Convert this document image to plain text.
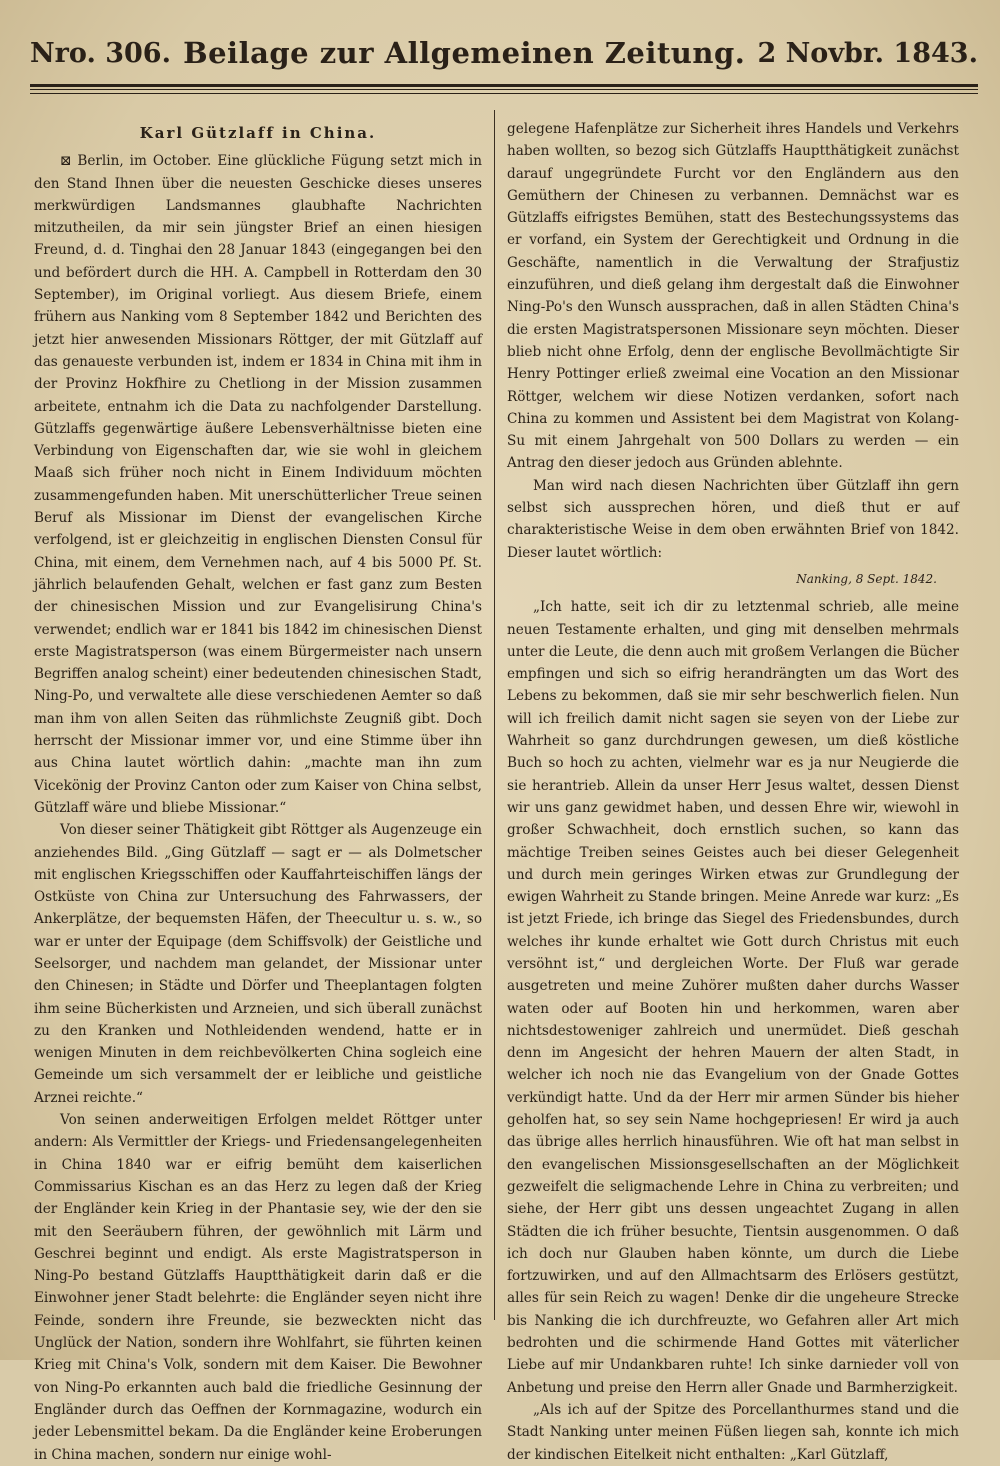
Nro. 306. Beilage zur Allgemeinen Zeitung. 2 Novbr. 1843.

Karl Gützlaff in China.

⊠ Berlin, im October. Eine glückliche Fügung setzt mich in den Stand Ihnen über die neuesten Geschicke dieses unseres merkwürdigen Landsmannes glaubhafte Nachrichten mitzutheilen, da mir sein jüngster Brief an einen hiesigen Freund, d. d. Tinghai den 28 Januar 1843 (eingegangen bei den und befördert durch die HH. A. Campbell in Rotterdam den 30 September), im Original vorliegt. Aus diesem Briefe, einem frühern aus Nanking vom 8 September 1842 und Berichten des jetzt hier anwesenden Missionars Röttger, der mit Gützlaff auf das genaueste verbunden ist, indem er 1834 in China mit ihm in der Provinz Hokfhire zu Chetliong in der Mission zusammen arbeitete, entnahm ich die Data zu nachfolgender Darstellung. Gützlaffs gegenwärtige äußere Lebensverhältnisse bieten eine Verbindung von Eigenschaften dar, wie sie wohl in gleichem Maaß sich früher noch nicht in Einem Individuum möchten zusammengefunden haben. Mit unerschütterlicher Treue seinen Beruf als Missionar im Dienst der evangelischen Kirche verfolgend, ist er gleichzeitig in englischen Diensten Consul für China, mit einem, dem Vernehmen nach, auf 4 bis 5000 Pf. St. jährlich belaufenden Gehalt, welchen er fast ganz zum Besten der chinesischen Mission und zur Evangelisirung China's verwendet; endlich war er 1841 bis 1842 im chinesischen Dienst erste Magistratsperson (was einem Bürgermeister nach unsern Begriffen analog scheint) einer bedeutenden chinesischen Stadt, Ning-Po, und verwaltete alle diese verschiedenen Aemter so daß man ihm von allen Seiten das rühmlichste Zeugniß gibt. Doch herrscht der Missionar immer vor, und eine Stimme über ihn aus China lautet wörtlich dahin: „machte man ihn zum Vicekönig der Provinz Canton oder zum Kaiser von China selbst, Gützlaff wäre und bliebe Missionar.“

Von dieser seiner Thätigkeit gibt Röttger als Augenzeuge ein anziehendes Bild. „Ging Gützlaff — sagt er — als Dolmetscher mit englischen Kriegsschiffen oder Kauffahrteischiffen längs der Ostküste von China zur Untersuchung des Fahrwassers, der Ankerplätze, der bequemsten Häfen, der Theecultur u. s. w., so war er unter der Equipage (dem Schiffsvolk) der Geistliche und Seelsorger, und nachdem man gelandet, der Missionar unter den Chinesen; in Städte und Dörfer und Theeplantagen folgten ihm seine Bücherkisten und Arzneien, und sich überall zunächst zu den Kranken und Nothleidenden wendend, hatte er in wenigen Minuten in dem reichbevölkerten China sogleich eine Gemeinde um sich versammelt der er leibliche und geistliche Arznei reichte.“

Von seinen anderweitigen Erfolgen meldet Röttger unter andern: Als Vermittler der Kriegs- und Friedensangelegenheiten in China 1840 war er eifrig bemüht dem kaiserlichen Commissarius Kischan es an das Herz zu legen daß der Krieg der Engländer kein Krieg in der Phantasie sey, wie der den sie mit den Seeräubern führen, der gewöhnlich mit Lärm und Geschrei beginnt und endigt. Als erste Magistratsperson in Ning-Po bestand Gützlaffs Hauptthätigkeit darin daß er die Einwohner jener Stadt belehrte: die Engländer seyen nicht ihre Feinde, sondern ihre Freunde, sie bezweckten nicht das Unglück der Nation, sondern ihre Wohlfahrt, sie führten keinen Krieg mit China's Volk, sondern mit dem Kaiser. Die Bewohner von Ning-Po erkannten auch bald die friedliche Gesinnung der Engländer durch das Oeffnen der Kornmagazine, wodurch ein jeder Lebensmittel bekam. Da die Engländer keine Eroberungen in China machen, sondern nur einige wohl-

gelegene Hafenplätze zur Sicherheit ihres Handels und Verkehrs haben wollten, so bezog sich Gützlaffs Hauptthätigkeit zunächst darauf ungegründete Furcht vor den Engländern aus den Gemüthern der Chinesen zu verbannen. Demnächst war es Gützlaffs eifrigstes Bemühen, statt des Bestechungssystems das er vorfand, ein System der Gerechtigkeit und Ordnung in die Geschäfte, namentlich in die Verwaltung der Strafjustiz einzuführen, und dieß gelang ihm dergestalt daß die Einwohner Ning-Po's den Wunsch aussprachen, daß in allen Städten China's die ersten Magistratspersonen Missionare seyn möchten. Dieser blieb nicht ohne Erfolg, denn der englische Bevollmächtigte Sir Henry Pottinger erließ zweimal eine Vocation an den Missionar Röttger, welchem wir diese Notizen verdanken, sofort nach China zu kommen und Assistent bei dem Magistrat von Kolang-Su mit einem Jahrgehalt von 500 Dollars zu werden — ein Antrag den dieser jedoch aus Gründen ablehnte.

Man wird nach diesen Nachrichten über Gützlaff ihn gern selbst sich aussprechen hören, und dieß thut er auf charakteristische Weise in dem oben erwähnten Brief von 1842. Dieser lautet wörtlich:

Nanking, 8 Sept. 1842.

„Ich hatte, seit ich dir zu letztenmal schrieb, alle meine neuen Testamente erhalten, und ging mit denselben mehrmals unter die Leute, die denn auch mit großem Verlangen die Bücher empfingen und sich so eifrig herandrängten um das Wort des Lebens zu bekommen, daß sie mir sehr beschwerlich fielen. Nun will ich freilich damit nicht sagen sie seyen von der Liebe zur Wahrheit so ganz durchdrungen gewesen, um dieß köstliche Buch so hoch zu achten, vielmehr war es ja nur Neugierde die sie herantrieb. Allein da unser Herr Jesus waltet, dessen Dienst wir uns ganz gewidmet haben, und dessen Ehre wir, wiewohl in großer Schwachheit, doch ernstlich suchen, so kann das mächtige Treiben seines Geistes auch bei dieser Gelegenheit und durch mein geringes Wirken etwas zur Grundlegung der ewigen Wahrheit zu Stande bringen. Meine Anrede war kurz: „Es ist jetzt Friede, ich bringe das Siegel des Friedensbundes, durch welches ihr kunde erhaltet wie Gott durch Christus mit euch versöhnt ist,“ und dergleichen Worte. Der Fluß war gerade ausgetreten und meine Zuhörer mußten daher durchs Wasser waten oder auf Booten hin und herkommen, waren aber nichtsdestoweniger zahlreich und unermüdet. Dieß geschah denn im Angesicht der hehren Mauern der alten Stadt, in welcher ich noch nie das Evangelium von der Gnade Gottes verkündigt hatte. Und da der Herr mir armen Sünder bis hieher geholfen hat, so sey sein Name hochgepriesen! Er wird ja auch das übrige alles herrlich hinausführen. Wie oft hat man selbst in den evangelischen Missionsgesellschaften an der Möglichkeit gezweifelt die seligmachende Lehre in China zu verbreiten; und siehe, der Herr gibt uns dessen ungeachtet Zugang in allen Städten die ich früher besuchte, Tientsin ausgenommen. O daß ich doch nur Glauben haben könnte, um durch die Liebe fortzuwirken, und auf den Allmachtsarm des Erlösers gestützt, alles für sein Reich zu wagen! Denke dir die ungeheure Strecke bis Nanking die ich durchfreuzte, wo Gefahren aller Art mich bedrohten und die schirmende Hand Gottes mit väterlicher Liebe auf mir Undankbaren ruhte! Ich sinke darnieder voll von Anbetung und preise den Herrn aller Gnade und Barmherzigkeit.

„Als ich auf der Spitze des Porcellanthurmes stand und die Stadt Nanking unter meinen Füßen liegen sah, konnte ich mich der kindischen Eitelkeit nicht enthalten: „Karl Gützlaff,
